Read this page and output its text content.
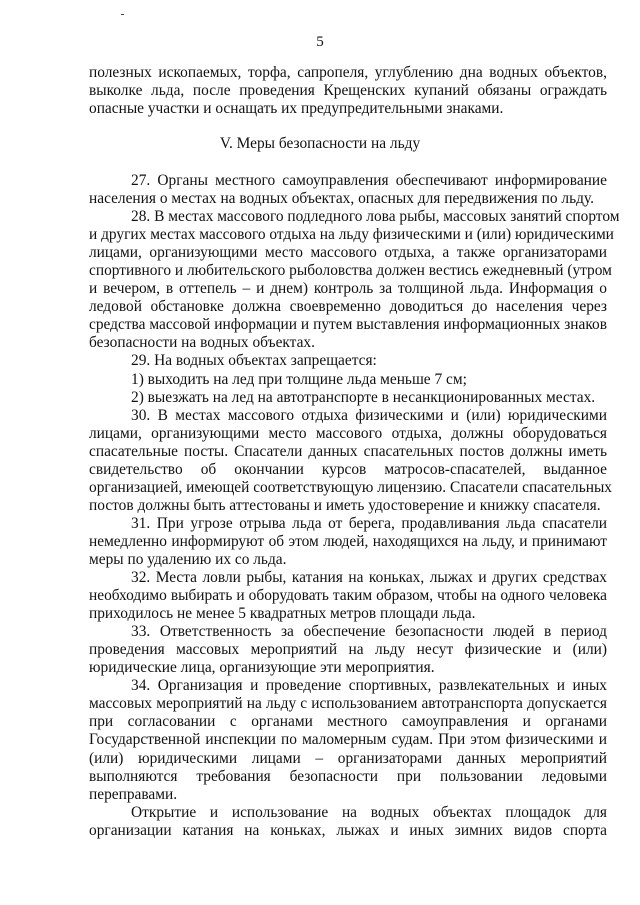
5
полезных ископаемых, торфа, сапропеля, углублению дна водных объектов,
выколке льда, после проведения Крещенских купаний обязаны ограждать
опасные участки и оснащать их предупредительными знаками.
V. Меры безопасности на льду
27. Органы местного самоуправления обеспечивают информирование
населения о местах на водных объектах, опасных для передвижения по льду.
28. В местах массового подледного лова рыбы, массовых занятий спортом
и других местах массового отдыха на льду физическими и (или) юридическими
лицами, организующими место массового отдыха, а также организаторами
спортивного и любительского рыболовства должен вестись ежедневный (утром
и вечером, в оттепель – и днем) контроль за толщиной льда. Информация о
ледовой обстановке должна своевременно доводиться до населения через
средства массовой информации и путем выставления информационных знаков
безопасности на водных объектах.
29. На водных объектах запрещается:
1) выходить на лед при толщине льда меньше 7 см;
2) выезжать на лед на автотранспорте в несанкционированных местах.
30. В местах массового отдыха физическими и (или) юридическими
лицами, организующими место массового отдыха, должны оборудоваться
спасательные посты. Спасатели данных спасательных постов должны иметь
свидетельство об окончании курсов матросов-спасателей, выданное
организацией, имеющей соответствующую лицензию. Спасатели спасательных
постов должны быть аттестованы и иметь удостоверение и книжку спасателя.
31. При угрозе отрыва льда от берега, продавливания льда спасатели
немедленно информируют об этом людей, находящихся на льду, и принимают
меры по удалению их со льда.
32. Места ловли рыбы, катания на коньках, лыжах и других средствах
необходимо выбирать и оборудовать таким образом, чтобы на одного человека
приходилось не менее 5 квадратных метров площади льда.
33. Ответственность за обеспечение безопасности людей в период
проведения массовых мероприятий на льду несут физические и (или)
юридические лица, организующие эти мероприятия.
34. Организация и проведение спортивных, развлекательных и иных
массовых мероприятий на льду с использованием автотранспорта допускается
при согласовании с органами местного самоуправления и органами
Государственной инспекции по маломерным судам. При этом физическими и
(или) юридическими лицами – организаторами данных мероприятий
выполняются требования безопасности при пользовании ледовыми
переправами.
Открытие и использование на водных объектах площадок для
организации катания на коньках, лыжах и иных зимних видов спорта
